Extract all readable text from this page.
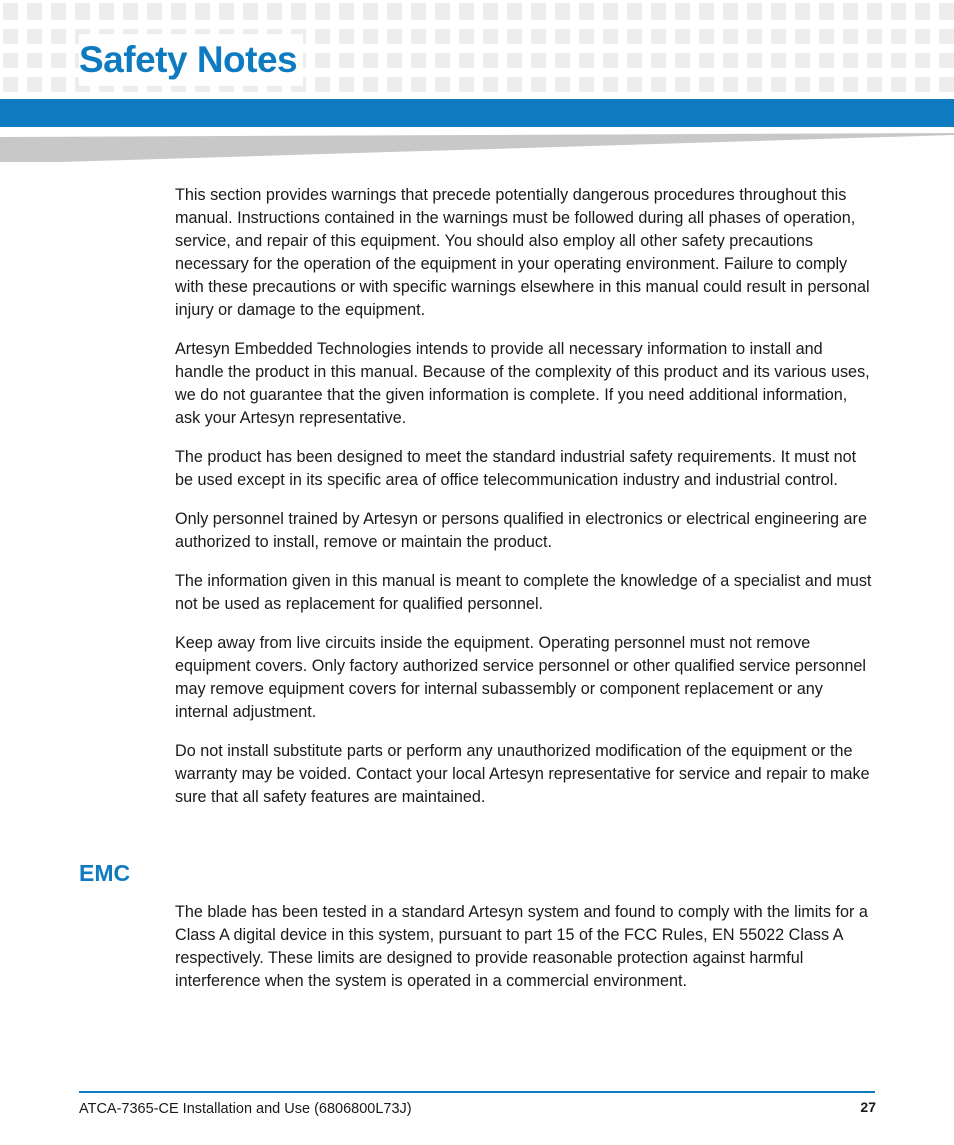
Safety Notes

This section provides warnings that precede potentially dangerous procedures throughout this manual. Instructions contained in the warnings must be followed during all phases of operation, service, and repair of this equipment. You should also employ all other safety precautions necessary for the operation of the equipment in your operating environment. Failure to comply with these precautions or with specific warnings elsewhere in this manual could result in personal injury or damage to the equipment.

Artesyn Embedded Technologies intends to provide all necessary information to install and handle the product in this manual. Because of the complexity of this product and its various uses, we do not guarantee that the given information is complete. If you need additional information, ask your Artesyn representative.

The product has been designed to meet the standard industrial safety requirements. It must not be used except in its specific area of office telecommunication industry and industrial control.

Only personnel trained by Artesyn or persons qualified in electronics or electrical engineering are authorized to install, remove or maintain the product.

The information given in this manual is meant to complete the knowledge of a specialist and must not be used as replacement for qualified personnel.

Keep away from live circuits inside the equipment. Operating personnel must not remove equipment covers. Only factory authorized service personnel or other qualified service personnel may remove equipment covers for internal subassembly or component replacement or any internal adjustment.

Do not install substitute parts or perform any unauthorized modification of the equipment or the warranty may be voided. Contact your local Artesyn representative for service and repair to make sure that all safety features are maintained.

EMC

The blade has been tested in a standard Artesyn system and found to comply with the limits for a Class A digital device in this system, pursuant to part 15 of the FCC Rules, EN 55022 Class A respectively. These limits are designed to provide reasonable protection against harmful interference when the system is operated in a commercial environment.

ATCA-7365-CE Installation and Use (6806800L73J)	27
